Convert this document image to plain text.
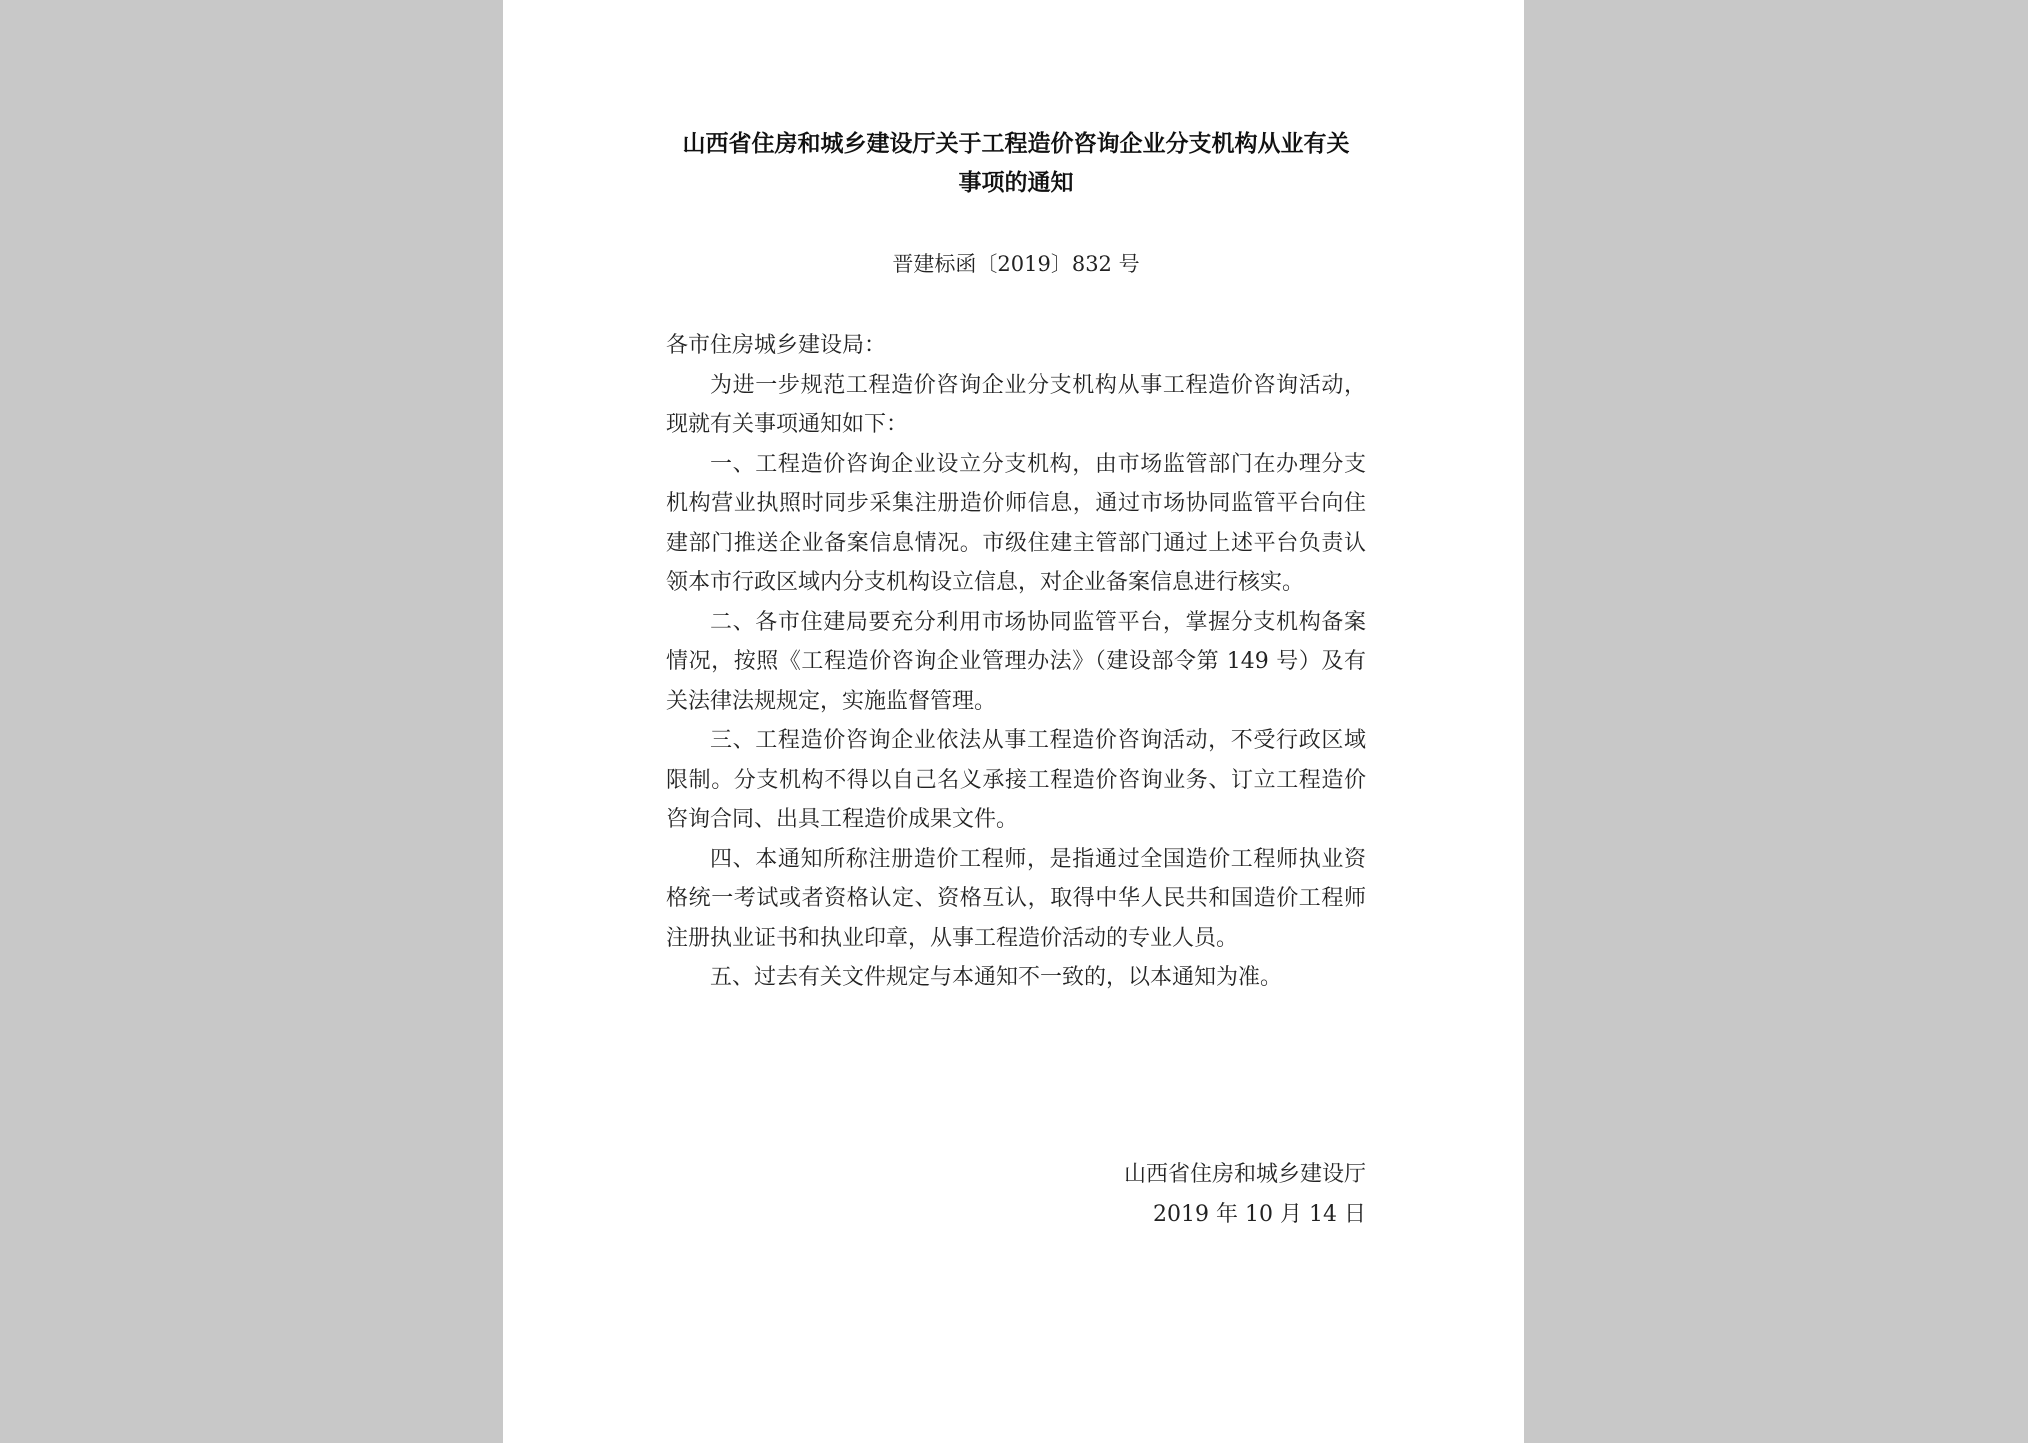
山西省住房和城乡建设厅关于工程造价咨询企业分支机构从业有关
事项的通知
晋建标函〔2019〕832 号

各市住房城乡建设局：

为进一步规范工程造价咨询企业分支机构从事工程造价咨询活动，现就有关事项通知如下：

一、工程造价咨询企业设立分支机构，由市场监管部门在办理分支机构营业执照时同步采集注册造价师信息，通过市场协同监管平台向住建部门推送企业备案信息情况。市级住建主管部门通过上述平台负责认领本市行政区域内分支机构设立信息，对企业备案信息进行核实。

二、各市住建局要充分利用市场协同监管平台，掌握分支机构备案情况，按照《工程造价咨询企业管理办法》（建设部令第 149 号）及有关法律法规规定，实施监督管理。

三、工程造价咨询企业依法从事工程造价咨询活动，不受行政区域限制。分支机构不得以自己名义承接工程造价咨询业务、订立工程造价咨询合同、出具工程造价成果文件。

四、本通知所称注册造价工程师，是指通过全国造价工程师执业资格统一考试或者资格认定、资格互认，取得中华人民共和国造价工程师注册执业证书和执业印章，从事工程造价活动的专业人员。

五、过去有关文件规定与本通知不一致的，以本通知为准。

山西省住房和城乡建设厅
2019 年 10 月 14 日
